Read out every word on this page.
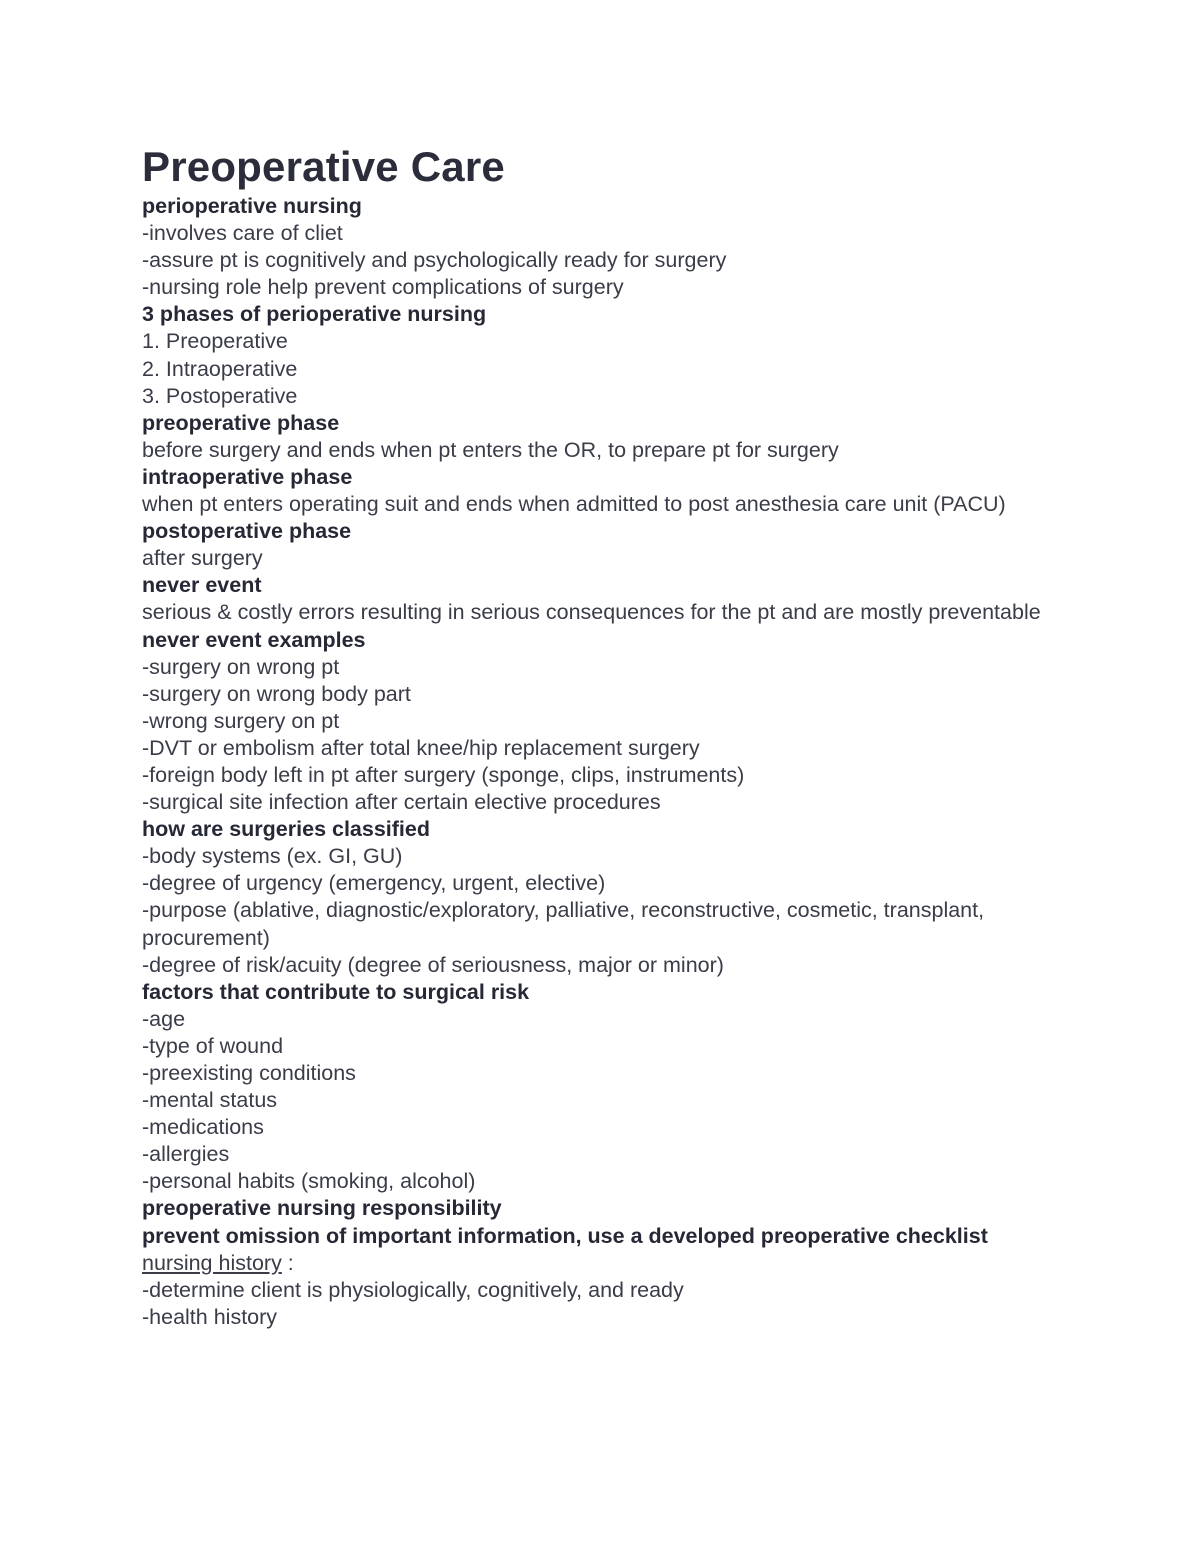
Preoperative Care
perioperative nursing
-involves care of cliet
-assure pt is cognitively and psychologically ready for surgery
-nursing role help prevent complications of surgery
3 phases of perioperative nursing
1. Preoperative
2. Intraoperative
3. Postoperative
preoperative phase
before surgery and ends when pt enters the OR, to prepare pt for surgery
intraoperative phase
when pt enters operating suit and ends when admitted to post anesthesia care unit (PACU)
postoperative phase
after surgery
never event
serious & costly errors resulting in serious consequences for the pt and are mostly preventable
never event examples
-surgery on wrong pt
-surgery on wrong body part
-wrong surgery on pt
-DVT or embolism after total knee/hip replacement surgery
-foreign body left in pt after surgery (sponge, clips, instruments)
-surgical site infection after certain elective procedures
how are surgeries classified
-body systems (ex. GI, GU)
-degree of urgency (emergency, urgent, elective)
-purpose (ablative, diagnostic/exploratory, palliative, reconstructive, cosmetic, transplant, procurement)
-degree of risk/acuity (degree of seriousness, major or minor)
factors that contribute to surgical risk
-age
-type of wound
-preexisting conditions
-mental status
-medications
-allergies
-personal habits (smoking, alcohol)
preoperative nursing responsibility
prevent omission of important information, use a developed preoperative checklist
nursing history :
-determine client is physiologically, cognitively, and ready
-health history
